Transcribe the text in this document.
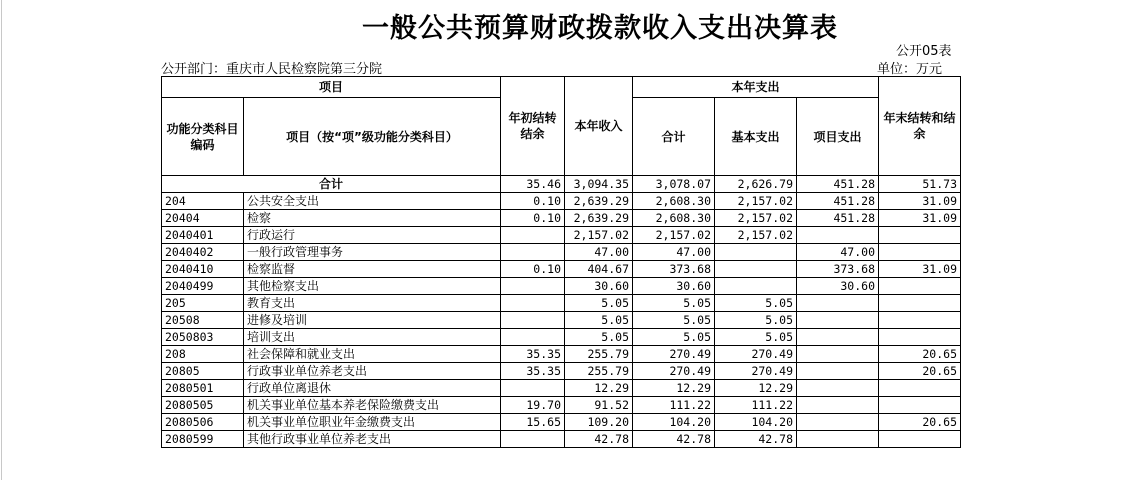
一般公共预算财政拨款收入支出决算表
公开05表
公开部门：重庆市人民检察院第三分院	单位：万元
项目		年初结转结余	本年收入	本年支出			年末结转和结余
功能分类科目编码	项目（按“项”级功能分类科目）			合计	基本支出	项目支出	
合计		35.46	3,094.35	3,078.07	2,626.79	451.28	51.73
204	公共安全支出	0.10	2,639.29	2,608.30	2,157.02	451.28	31.09
20404	检察	0.10	2,639.29	2,608.30	2,157.02	451.28	31.09
2040401	行政运行		2,157.02	2,157.02	2,157.02		
2040402	一般行政管理事务		47.00	47.00		47.00	
2040410	检察监督	0.10	404.67	373.68		373.68	31.09
2040499	其他检察支出		30.60	30.60		30.60	
205	教育支出		5.05	5.05	5.05		
20508	进修及培训		5.05	5.05	5.05		
2050803	培训支出		5.05	5.05	5.05		
208	社会保障和就业支出	35.35	255.79	270.49	270.49		20.65
20805	行政事业单位养老支出	35.35	255.79	270.49	270.49		20.65
2080501	行政单位离退休		12.29	12.29	12.29		
2080505	机关事业单位基本养老保险缴费支出	19.70	91.52	111.22	111.22		
2080506	机关事业单位职业年金缴费支出	15.65	109.20	104.20	104.20		20.65
2080599	其他行政事业单位养老支出		42.78	42.78	42.78		
